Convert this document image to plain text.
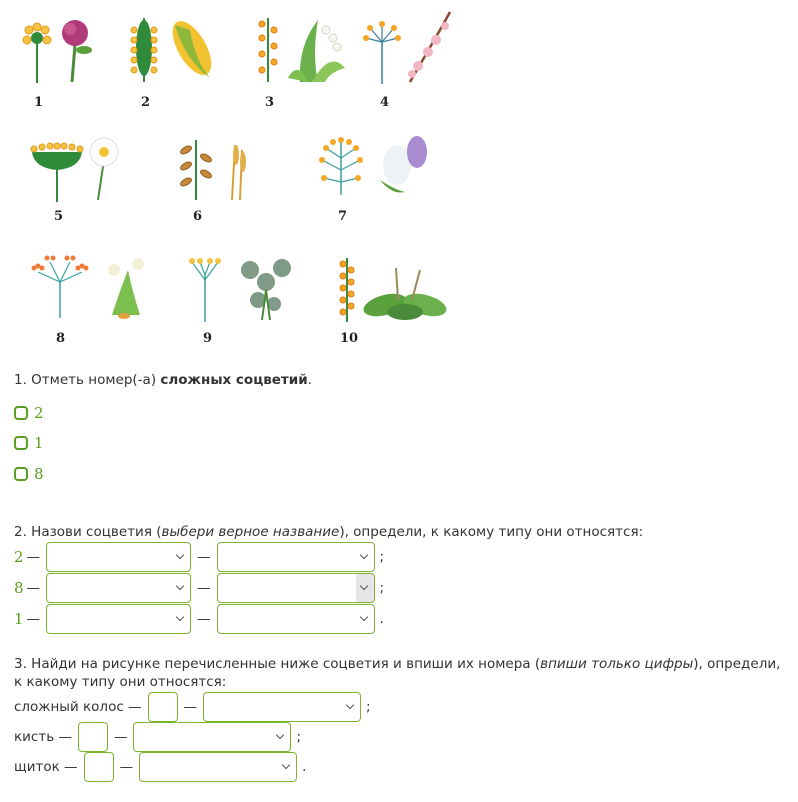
1	2	3	4
5	6	7
8	9	10
1. Отметь номер(-а) сложных соцветий.
2
1
8
2. Назови соцветия (выбери верное название), определи, к какому типу они относятся:
2 —	—	;
8 —	—	;
1 —	—	.
3. Найди на рисунке перечисленные ниже соцветия и впиши их номера (впиши только цифры), определи, к какому типу они относятся:
сложный колос —	—	;
кисть —	—	;
щиток —	—	.
